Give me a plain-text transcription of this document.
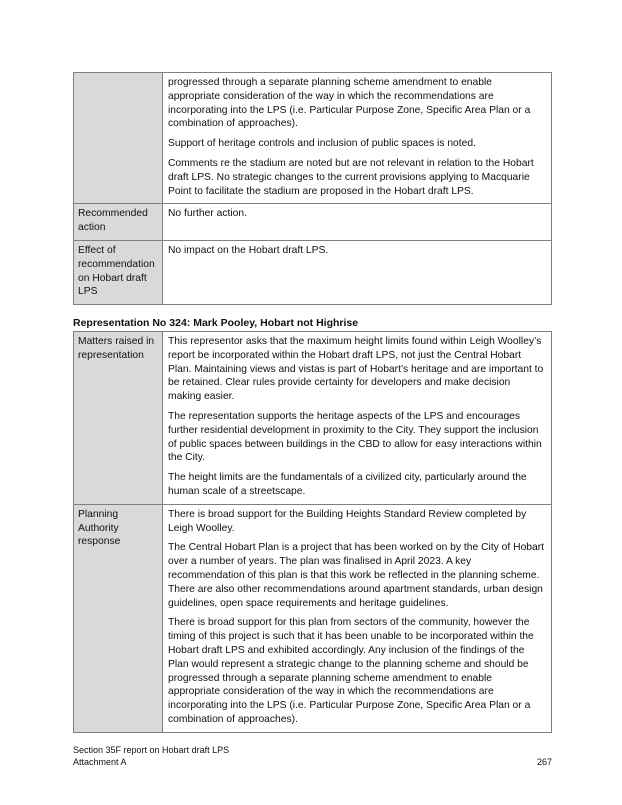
	progressed through a separate planning scheme amendment to enable appropriate consideration of the way in which the recommendations are incorporating into the LPS (i.e. Particular Purpose Zone, Specific Area Plan or a combination of approaches).

Support of heritage controls and inclusion of public spaces is noted.

Comments re the stadium are noted but are not relevant in relation to the Hobart draft LPS. No strategic changes to the current provisions applying to Macquarie Point to facilitate the stadium are proposed in the Hobart draft LPS.

Recommended action	No further action.

Effect of recommendation on Hobart draft LPS	No impact on the Hobart draft LPS.

Representation No 324: Mark Pooley, Hobart not Highrise
Matters raised in representation	This representor asks that the maximum height limits found within Leigh Woolley’s report be incorporated within the Hobart draft LPS, not just the Central Hobart Plan. Maintaining views and vistas is part of Hobart’s heritage and are important to be retained. Clear rules provide certainty for developers and make decision making easier.

The representation supports the heritage aspects of the LPS and encourages further residential development in proximity to the City. They support the inclusion of public spaces between buildings in the CBD to allow for easy interactions within the City.

The height limits are the fundamentals of a civilized city, particularly around the human scale of a streetscape.

Planning Authority response	There is broad support for the Building Heights Standard Review completed by Leigh Woolley.

The Central Hobart Plan is a project that has been worked on by the City of Hobart over a number of years. The plan was finalised in April 2023. A key recommendation of this plan is that this work be reflected in the planning scheme. There are also other recommendations around apartment standards, urban design guidelines, open space requirements and heritage guidelines.

There is broad support for this plan from sectors of the community, however the timing of this project is such that it has been unable to be incorporated within the Hobart draft LPS and exhibited accordingly. Any inclusion of the findings of the Plan would represent a strategic change to the planning scheme and should be progressed through a separate planning scheme amendment to enable appropriate consideration of the way in which the recommendations are incorporating into the LPS (i.e. Particular Purpose Zone, Specific Area Plan or a combination of approaches).

Section 35F report on Hobart draft LPS
Attachment A	267
